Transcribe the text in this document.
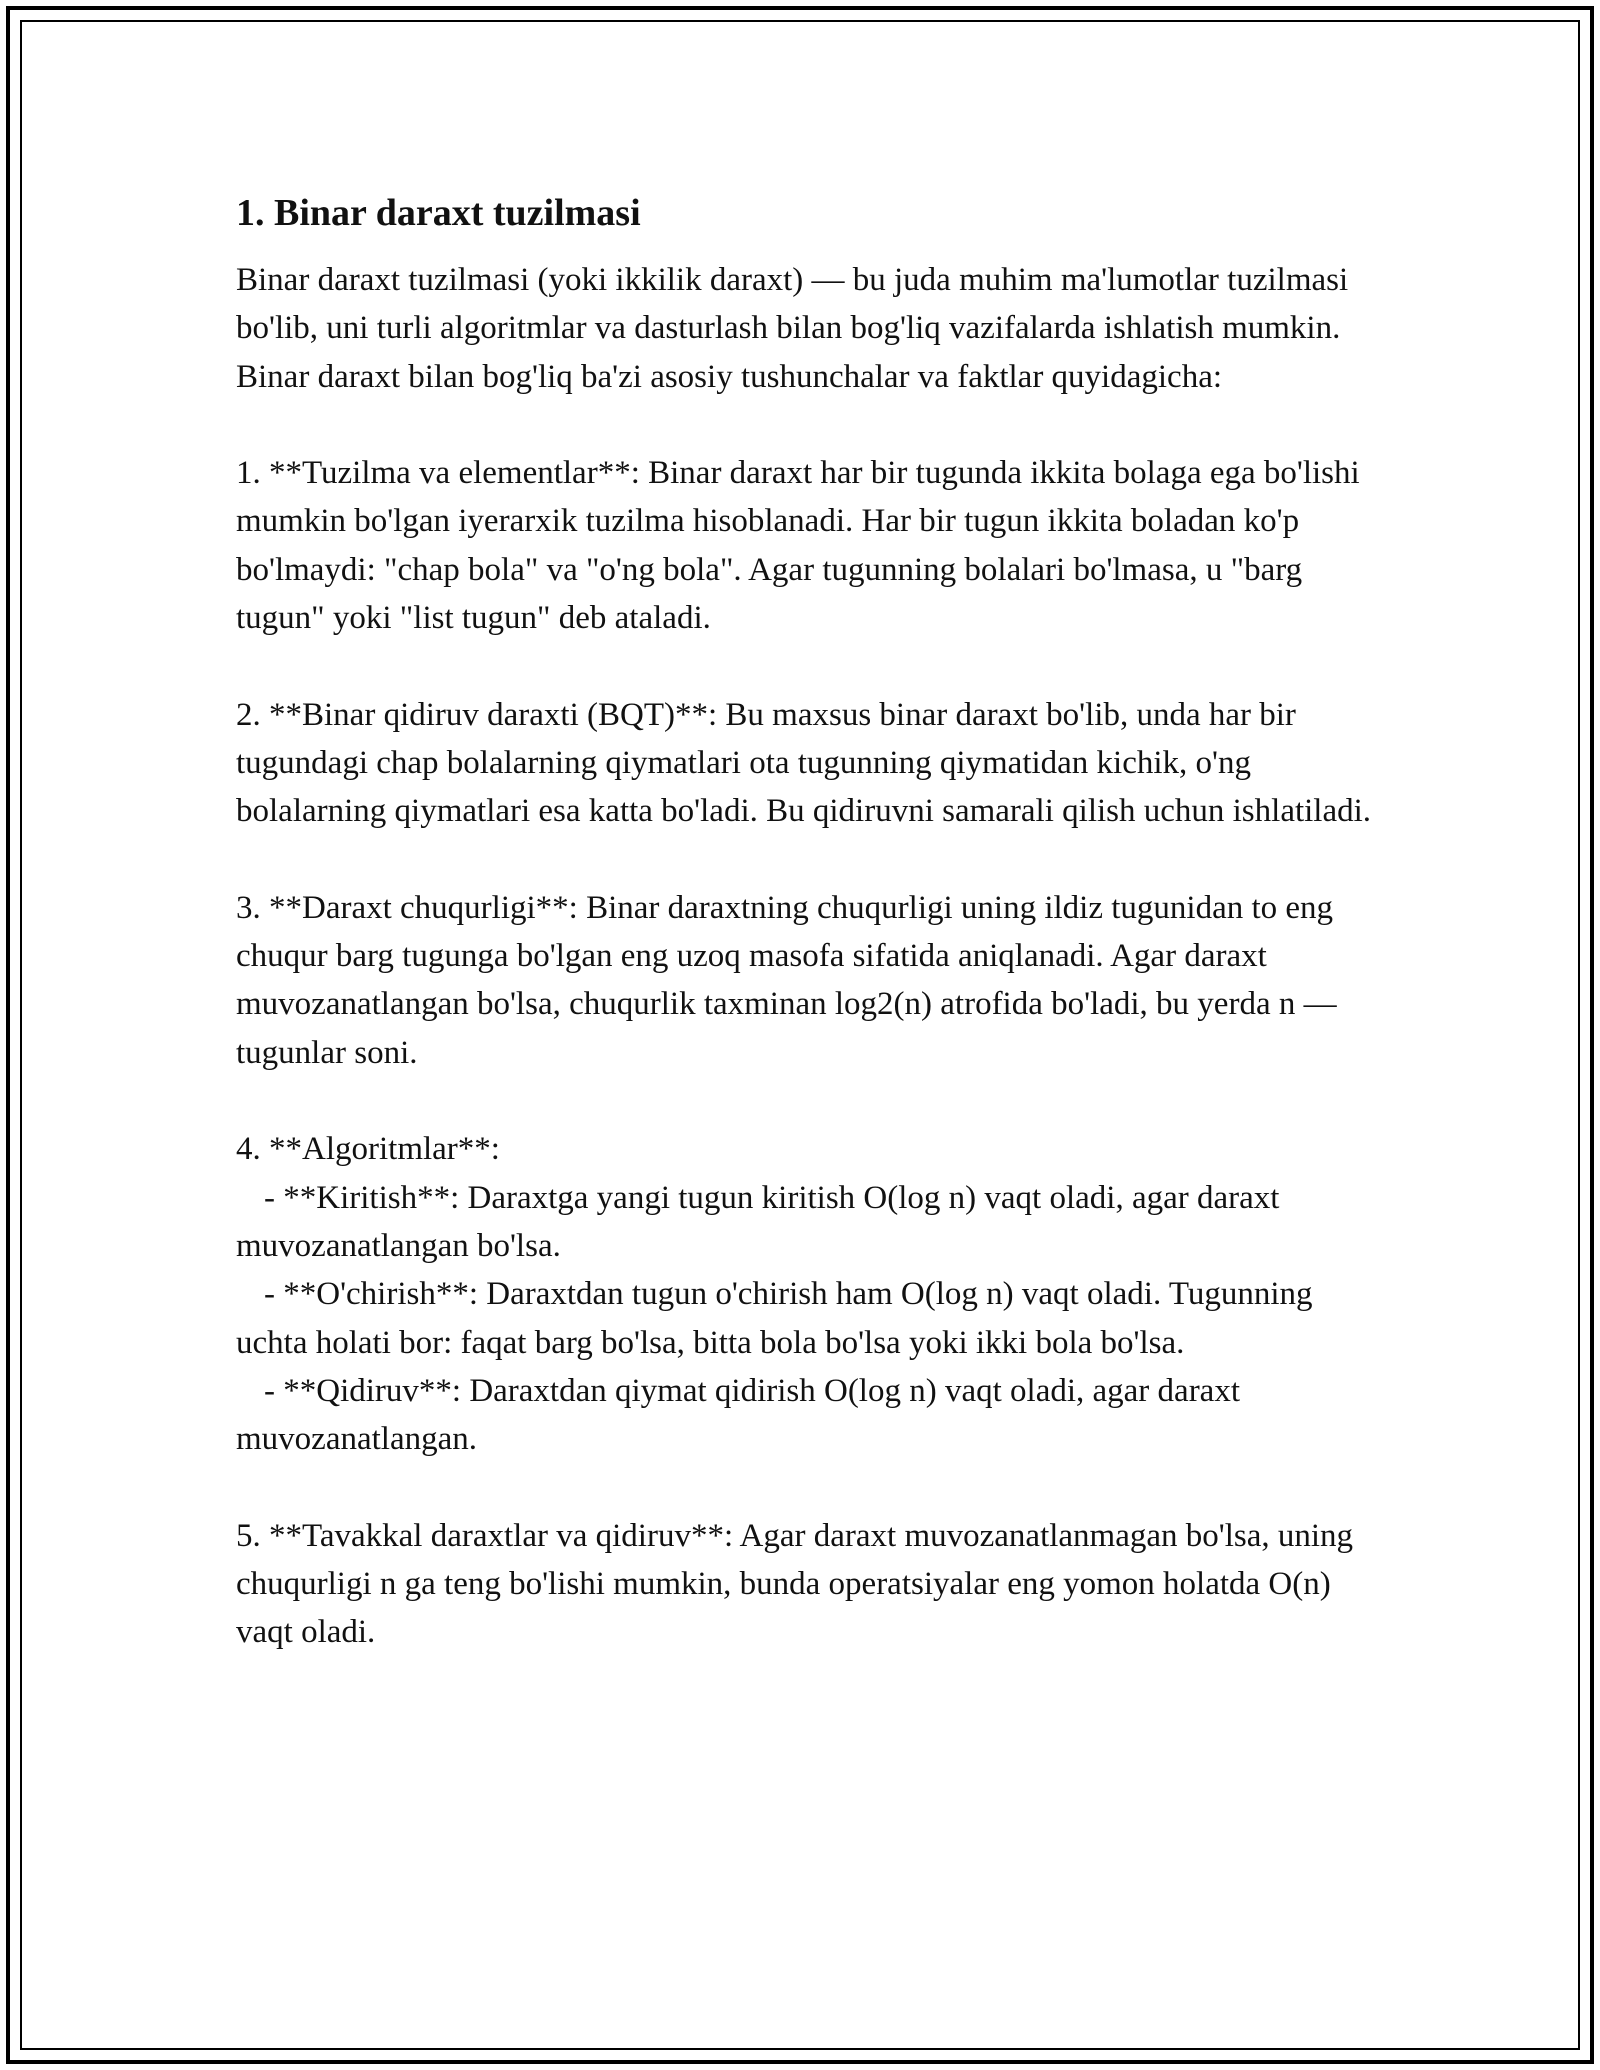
1. Binar daraxt tuzilmasi

Binar daraxt tuzilmasi (yoki ikkilik daraxt) — bu juda muhim ma'lumotlar tuzilmasi bo'lib, uni turli algoritmlar va dasturlash bilan bog'liq vazifalarda ishlatish mumkin. Binar daraxt bilan bog'liq ba'zi asosiy tushunchalar va faktlar quyidagicha:

1. **Tuzilma va elementlar**: Binar daraxt har bir tugunda ikkita bolaga ega bo'lishi mumkin bo'lgan iyerarxik tuzilma hisoblanadi. Har bir tugun ikkita boladan ko'p bo'lmaydi: "chap bola" va "o'ng bola". Agar tugunning bolalari bo'lmasa, u "barg tugun" yoki "list tugun" deb ataladi.

2. **Binar qidiruv daraxti (BQT)**: Bu maxsus binar daraxt bo'lib, unda har bir tugundagi chap bolalarning qiymatlari ota tugunning qiymatidan kichik, o'ng bolalarning qiymatlari esa katta bo'ladi. Bu qidiruvni samarali qilish uchun ishlatiladi.

3. **Daraxt chuqurligi**: Binar daraxtning chuqurligi uning ildiz tugunidan to eng chuqur barg tugunga bo'lgan eng uzoq masofa sifatida aniqlanadi. Agar daraxt muvozanatlangan bo'lsa, chuqurlik taxminan log2(n) atrofida bo'ladi, bu yerda n — tugunlar soni.

4. **Algoritmlar**:

- **Kiritish**: Daraxtga yangi tugun kiritish O(log n) vaqt oladi, agar daraxt muvozanatlangan bo'lsa.

- **O'chirish**: Daraxtdan tugun o'chirish ham O(log n) vaqt oladi. Tugunning uchta holati bor: faqat barg bo'lsa, bitta bola bo'lsa yoki ikki bola bo'lsa.

- **Qidiruv**: Daraxtdan qiymat qidirish O(log n) vaqt oladi, agar daraxt muvozanatlangan.

5. **Tavakkal daraxtlar va qidiruv**: Agar daraxt muvozanatlanmagan bo'lsa, uning chuqurligi n ga teng bo'lishi mumkin, bunda operatsiyalar eng yomon holatda O(n) vaqt oladi.
